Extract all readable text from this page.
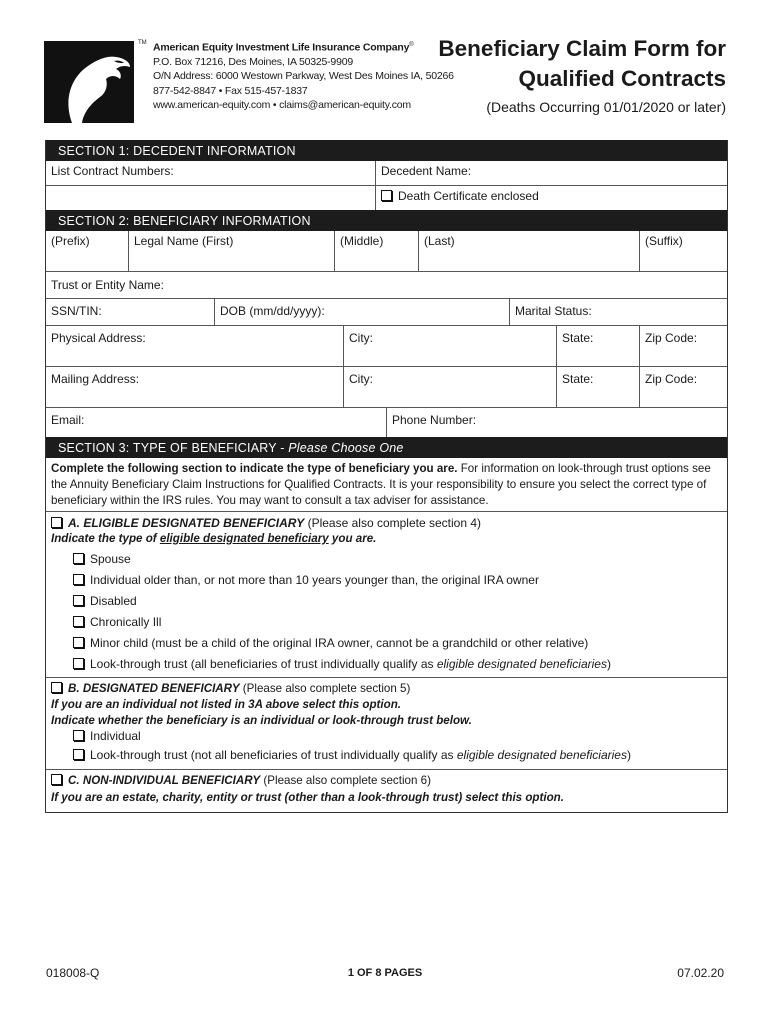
TM American Equity Investment Life Insurance Company®
P.O. Box 71216, Des Moines, IA 50325-9909
O/N Address: 6000 Westown Parkway, West Des Moines IA, 50266
877-542-8847 • Fax 515-457-1837
www.american-equity.com • claims@american-equity.com
Beneficiary Claim Form for
Qualified Contracts
(Deaths Occurring 01/01/2020 or later)
SECTION 1: DECEDENT INFORMATION
List Contract Numbers:	Decedent Name:
Death Certificate enclosed
SECTION 2: BENEFICIARY INFORMATION
(Prefix)	Legal Name (First)	(Middle)	(Last)	(Suffix)
Trust or Entity Name:
SSN/TIN:	DOB (mm/dd/yyyy):	Marital Status:
Physical Address:	City:	State:	Zip Code:
Mailing Address:	City:	State:	Zip Code:
Email:	Phone Number:
SECTION 3: TYPE OF BENEFICIARY - Please Choose One
Complete the following section to indicate the type of beneficiary you are. For information on look-through trust options see the Annuity Beneficiary Claim Instructions for Qualified Contracts. It is your responsibility to ensure you select the correct type of beneficiary within the IRS rules. You may want to consult a tax adviser for assistance.
A. ELIGIBLE DESIGNATED BENEFICIARY (Please also complete section 4)
Indicate the type of eligible designated beneficiary you are.
Spouse
Individual older than, or not more than 10 years younger than, the original IRA owner
Disabled
Chronically Ill
Minor child (must be a child of the original IRA owner, cannot be a grandchild or other relative)
Look-through trust (all beneficiaries of trust individually qualify as eligible designated beneficiaries)
B. DESIGNATED BENEFICIARY (Please also complete section 5)
If you are an individual not listed in 3A above select this option.
Indicate whether the beneficiary is an individual or look-through trust below.
Individual
Look-through trust (not all beneficiaries of trust individually qualify as eligible designated beneficiaries)
C. NON-INDIVIDUAL BENEFICIARY (Please also complete section 6)
If you are an estate, charity, entity or trust (other than a look-through trust) select this option.
018008-Q	1 OF 8 PAGES	07.02.20
